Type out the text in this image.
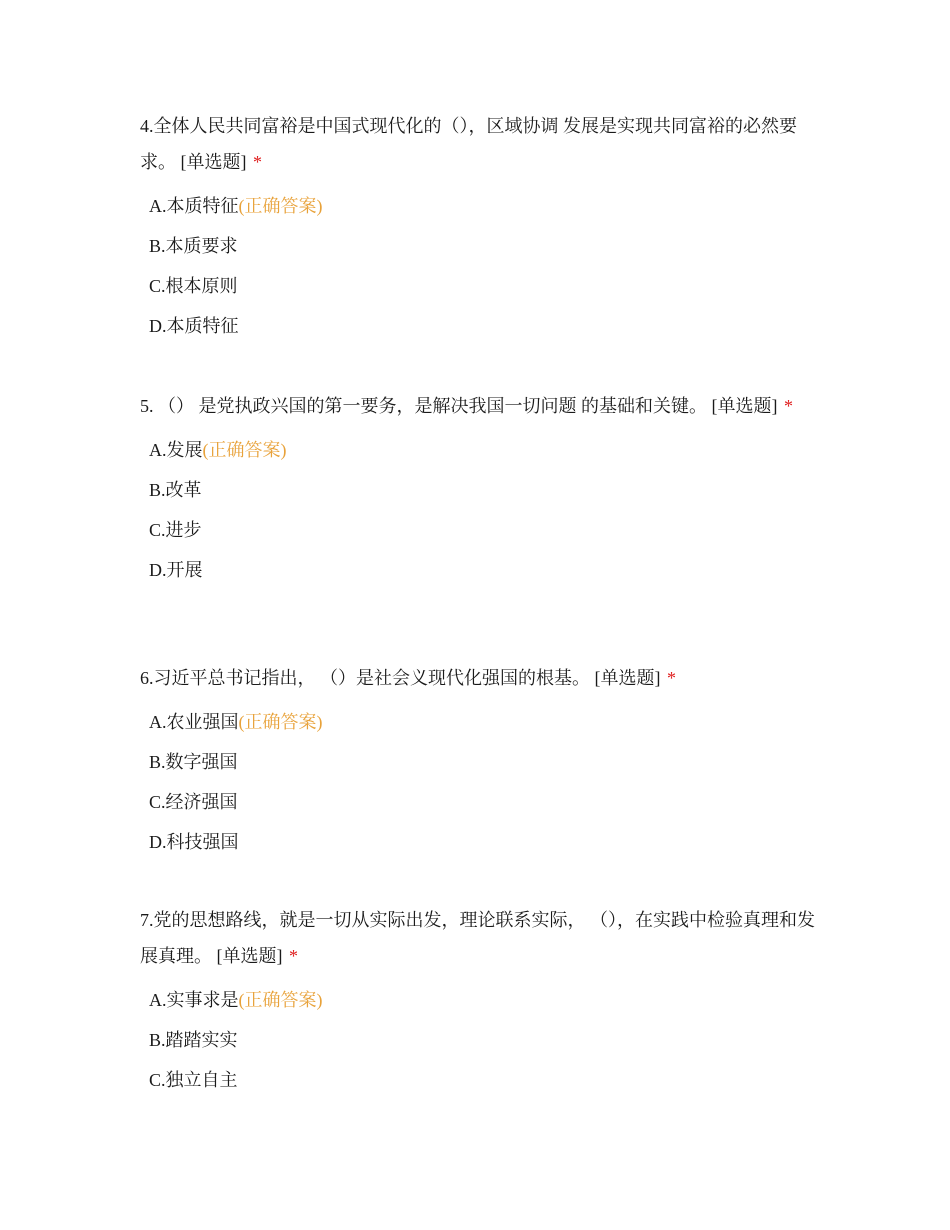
4.全体人民共同富裕是中国式现代化的（），区域协调 发展是实现共同富裕的必然要求。 [单选题] *

A.本质特征(正确答案)
B.本质要求
C.根本原则
D.本质特征

5. （） 是党执政兴国的第一要务，是解决我国一切问题 的基础和关键。 [单选题] *

A.发展(正确答案)
B.改革
C.进步
D.开展

6.习近平总书记指出， （）是社会义现代化强国的根基。 [单选题] *

A.农业强国(正确答案)
B.数字强国
C.经济强国
D.科技强国

7.党的思想路线，就是一切从实际出发，理论联系实际， （），在实践中检验真理和发展真理。 [单选题] *

A.实事求是(正确答案)
B.踏踏实实
C.独立自主
